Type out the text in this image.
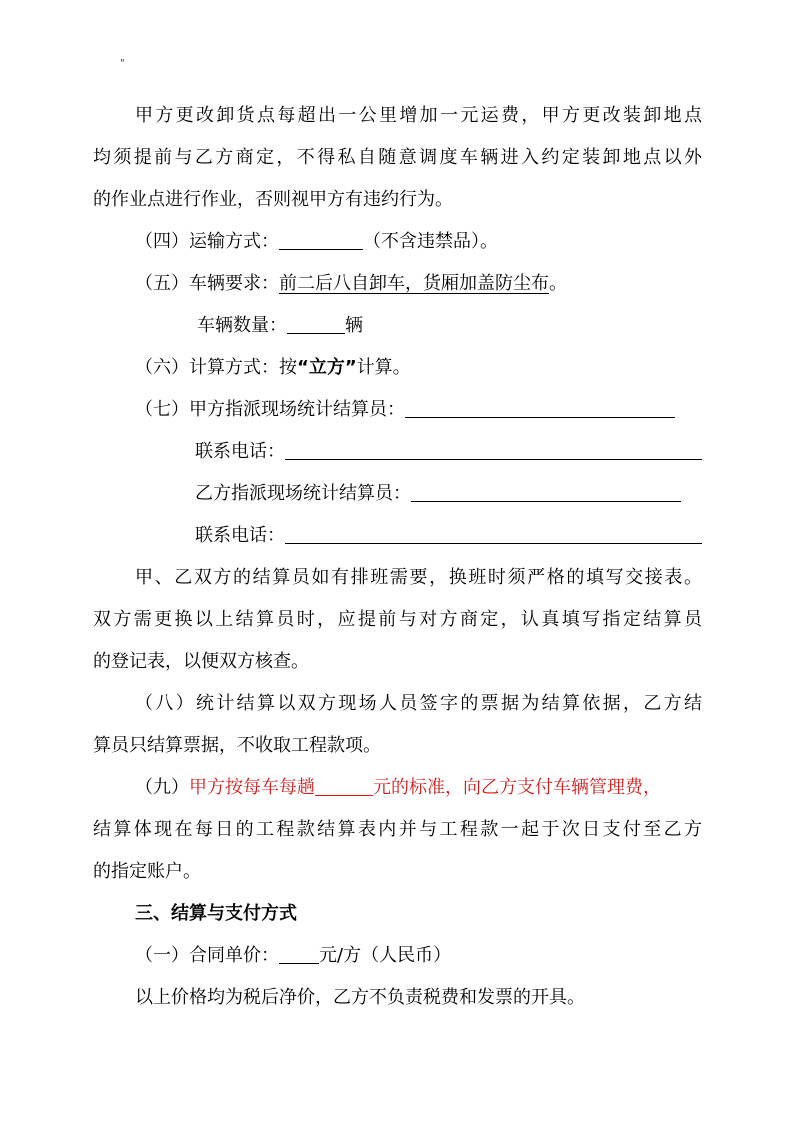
"
甲方更改卸货点每超出一公里增加一元运费，甲方更改装卸地点
均须提前与乙方商定，不得私自随意调度车辆进入约定装卸地点以外
的作业点进行作业，否则视甲方有违约行为。
（四）运输方式：	（不含违禁品）。
（五）车辆要求：前二后八自卸车，货厢加盖防尘布。
车辆数量：	辆
（六）计算方式：按“立方”计算。
（七）甲方指派现场统计结算员：
联系电话：
乙方指派现场统计结算员：
联系电话：
甲、乙双方的结算员如有排班需要，换班时须严格的填写交接表。
双方需更换以上结算员时，应提前与对方商定，认真填写指定结算员
的登记表，以便双方核查。
（八）统计结算以双方现场人员签字的票据为结算依据，乙方结
算员只结算票据，不收取工程款项。
（九）甲方按每车每趟	元的标准，向乙方支付车辆管理费，
结算体现在每日的工程款结算表内并与工程款一起于次日支付至乙方
的指定账户。
三、结算与支付方式
（一）合同单价： 元/方（人民币）
以上价格均为税后净价，乙方不负责税费和发票的开具。
